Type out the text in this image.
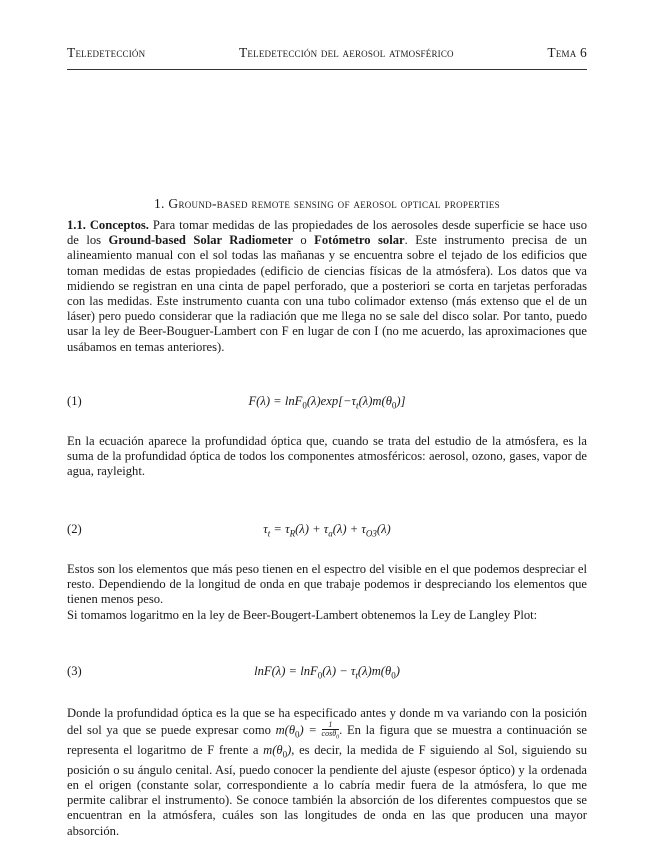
Teledetección	Teledetección del aerosol atmosférico	Tema 6
1. Ground-based remote sensing of aerosol optical properties
1.1. Conceptos. Para tomar medidas de las propiedades de los aerosoles desde superficie se hace uso de los Ground-based Solar Radiometer o Fotómetro solar. Este instrumento precisa de un alineamiento manual con el sol todas las mañanas y se encuentra sobre el tejado de los edificios que toman medidas de estas propiedades (edificio de ciencias físicas de la atmósfera). Los datos que va midiendo se registran en una cinta de papel perforado, que a posteriori se corta en tarjetas perforadas con las medidas. Este instrumento cuanta con una tubo colimador extenso (más extenso que el de un láser) pero puedo considerar que la radiación que me llega no se sale del disco solar. Por tanto, puedo usar la ley de Beer-Bouguer-Lambert con F en lugar de con I (no me acuerdo, las aproximaciones que usábamos en temas anteriores).
(1)	$F(\lambda) = \ln F_0(\lambda)\exp[-\tau_t(\lambda)m(\theta_0)]$
En la ecuación aparece la profundidad óptica que, cuando se trata del estudio de la atmósfera, es la suma de la profundidad óptica de todos los componentes atmosféricos: aerosol, ozono, gases, vapor de agua, rayleight.
(2)	$\tau_t = \tau_R(\lambda) + \tau_a(\lambda) + \tau_{O3}(\lambda)$
Estos son los elementos que más peso tienen en el espectro del visible en el que podemos despreciar el resto. Dependiendo de la longitud de onda en que trabaje podemos ir despreciando los elementos que tienen menos peso.
Si tomamos logaritmo en la ley de Beer-Bougert-Lambert obtenemos la Ley de Langley Plot:
(3)	$\ln F(\lambda) = \ln F_0(\lambda) - \tau_t(\lambda)m(\theta_0)$
Donde la profundidad óptica es la que se ha especificado antes y donde m va variando con la posición del sol ya que se puede expresar como $m(\theta_0) = \frac{1}{\cos\theta_0}$ . En la figura que se muestra a continuación se representa el logaritmo de F frente a $m(\theta_0)$, es decir, la medida de F siguiendo al Sol, siguiendo su posición o su ángulo cenital. Así, puedo conocer la pendiente del ajuste (espesor óptico) y la ordenada en el origen (constante solar, correspondiente a lo cabría medir fuera de la atmósfera, lo que me permite calibrar el instrumento). Se conoce también la absorción de los diferentes compuestos que se encuentran en la atmósfera, cuáles son las longitudes de onda en las que producen una mayor absorción.
